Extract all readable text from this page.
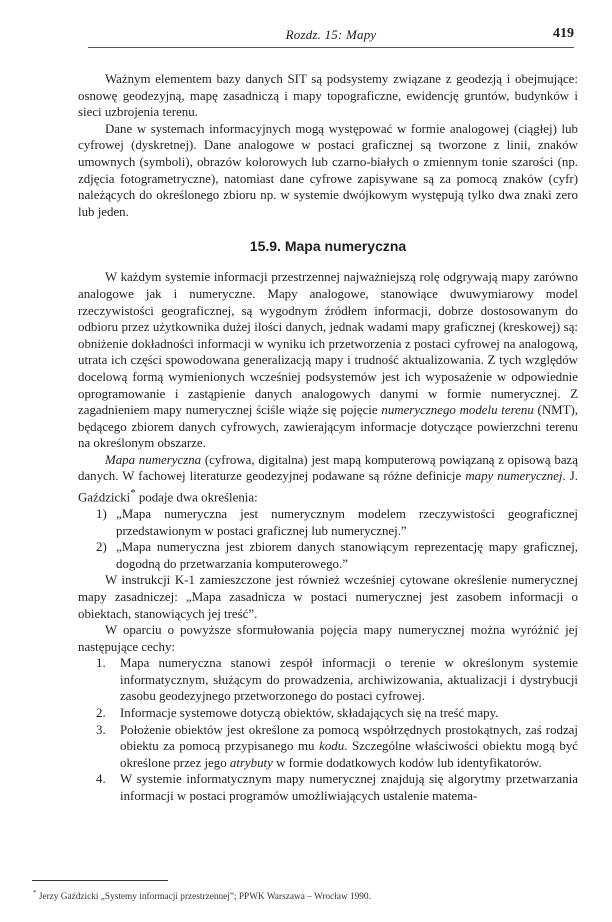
Rozdz. 15: Mapy	419

Ważnym elementem bazy danych SIT są podsystemy związane z geodezją i obejmujące: osnowę geodezyjną, mapę zasadniczą i mapy topograficzne, ewidencję gruntów, budynków i sieci uzbrojenia terenu.

Dane w systemach informacyjnych mogą występować w formie analogowej (ciągłej) lub cyfrowej (dyskretnej). Dane analogowe w postaci graficznej są tworzone z linii, znaków umownych (symboli), obrazów kolorowych lub czarno-białych o zmiennym tonie szarości (np. zdjęcia fotogrametryczne), natomiast dane cyfrowe zapisywane są za pomocą znaków (cyfr) należących do określonego zbioru np. w systemie dwójkowym występują tylko dwa znaki zero lub jeden.

15.9. Mapa numeryczna

W każdym systemie informacji przestrzennej najważniejszą rolę odgrywają mapy zarówno analogowe jak i numeryczne. Mapy analogowe, stanowiące dwuwymiarowy model rzeczywistości geograficznej, są wygodnym źródłem informacji, dobrze dostosowanym do odbioru przez użytkownika dużej ilości danych, jednak wadami mapy graficznej (kreskowej) są: obniżenie dokładności informacji w wyniku ich przetworzenia z postaci cyfrowej na analogową, utrata ich części spowodowana generalizacją mapy i trudność aktualizowania. Z tych względów docelową formą wymienionych wcześniej podsystemów jest ich wyposażenie w odpowiednie oprogramowanie i zastąpienie danych analogowych danymi w formie numerycznej. Z zagadnieniem mapy numerycznej ściśle wiąże się pojęcie numerycznego modelu terenu (NMT), będącego zbiorem danych cyfrowych, zawierającym informacje dotyczące powierzchni terenu na określonym obszarze.

Mapa numeryczna (cyfrowa, digitalna) jest mapą komputerową powiązaną z opisową bazą danych. W fachowej literaturze geodezyjnej podawane są różne definicje mapy numerycznej. J. Gaździcki* podaje dwa określenia:

1) „Mapa numeryczna jest numerycznym modelem rzeczywistości geograficznej przedstawionym w postaci graficznej lub numerycznej.”
2) „Mapa numeryczna jest zbiorem danych stanowiącym reprezentację mapy graficznej, dogodną do przetwarzania komputerowego.”

W instrukcji K-1 zamieszczone jest również wcześniej cytowane określenie numerycznej mapy zasadniczej: „Mapa zasadnicza w postaci numerycznej jest zasobem informacji o obiektach, stanowiących jej treść”.

W oparciu o powyższe sformułowania pojęcia mapy numerycznej można wyróżnić jej następujące cechy:

1. Mapa numeryczna stanowi zespół informacji o terenie w określonym systemie informatycznym, służącym do prowadzenia, archiwizowania, aktualizacji i dystrybucji zasobu geodezyjnego przetworzonego do postaci cyfrowej.
2. Informacje systemowe dotyczą obiektów, składających się na treść mapy.
3. Położenie obiektów jest określone za pomocą współrzędnych prostokątnych, zaś rodzaj obiektu za pomocą przypisanego mu kodu. Szczególne właściwości obiektu mogą być określone przez jego atrybuty w formie dodatkowych kodów lub identyfikatorów.
4. W systemie informatycznym mapy numerycznej znajdują się algorytmy przetwarzania informacji w postaci programów umożliwiających ustalenie matema-
* Jerzy Gaździcki „Systemy informacji przestrzennej”; PPWK Warszawa – Wrocław 1990.
